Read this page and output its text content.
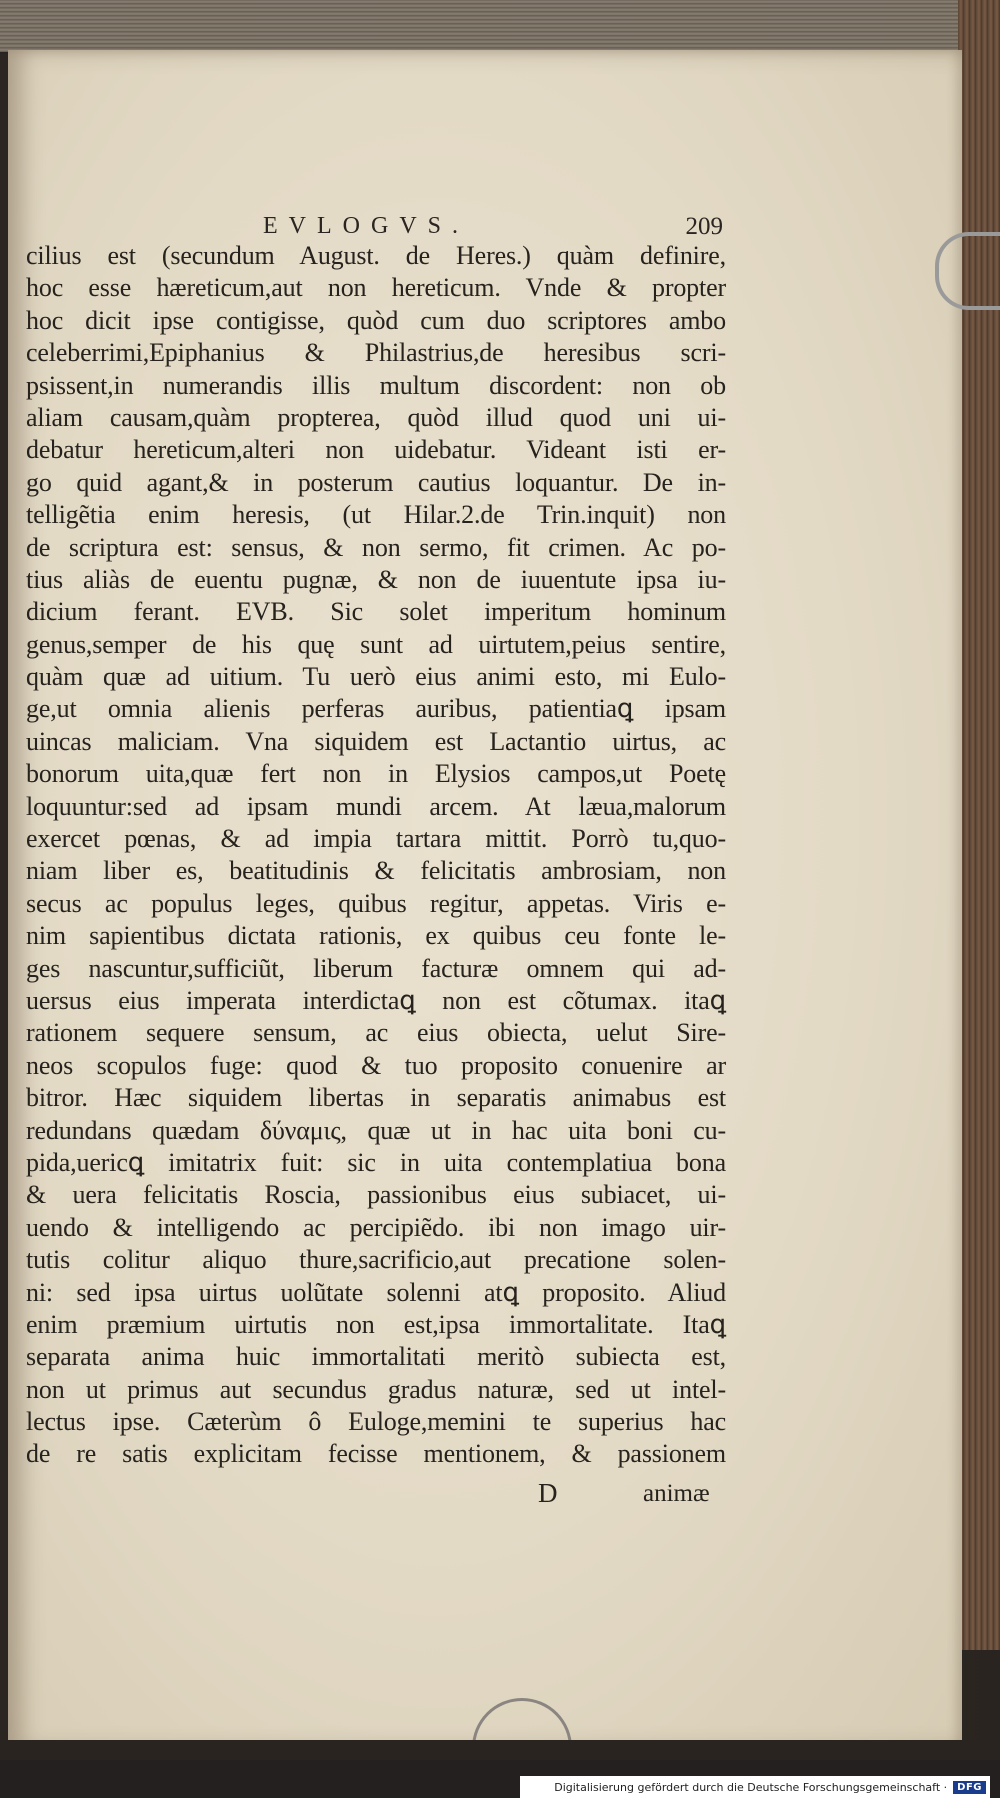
EVLOGVS.	209
cilius est (secundum August. de Heres.) quàm definire,
hoc esse hæreticum,aut non hereticum. Vnde & propter
hoc dicit ipse contigisse, quòd cum duo scriptores ambo
celeberrimi,Epiphanius & Philastrius,de heresibus scri-
psissent,in numerandis illis multum discordent: non ob
aliam causam,quàm propterea, quòd illud quod uni ui-
debatur hereticum,alteri non uidebatur. Videant isti er-
go quid agant,& in posterum cautius loquantur. De in-
telligẽtia enim heresis, (ut Hilar.2.de Trin.inquit) non
de scriptura est: sensus, & non sermo, fit crimen. Ac po-
tius aliàs de euentu pugnæ, & non de iuuentute ipsa iu-
dicium ferant. EVB. Sic solet imperitum hominum
genus,semper de his quę sunt ad uirtutem,peius sentire,
quàm quæ ad uitium. Tu uerò eius animi esto, mi Eulo-
ge,ut omnia alienis perferas auribus, patientiaꝗ ipsam
uincas maliciam. Vna siquidem est Lactantio uirtus, ac
bonorum uita,quæ fert non in Elysios campos,ut Poetę
loquuntur:sed ad ipsam mundi arcem. At læua,malorum
exercet pœnas, & ad impia tartara mittit. Porrò tu,quo-
niam liber es, beatitudinis & felicitatis ambrosiam, non
secus ac populus leges, quibus regitur, appetas. Viris e-
nim sapientibus dictata rationis, ex quibus ceu fonte le-
ges nascuntur,sufficiũt, liberum facturæ omnem qui ad-
uersus eius imperata interdictaꝗ non est cõtumax. itaꝗ
rationem sequere sensum, ac eius obiecta, uelut Sire-
neos scopulos fuge: quod & tuo proposito conuenire ar
bitror. Hæc siquidem libertas in separatis animabus est
redundans quædam δύναμις, quæ ut in hac uita boni cu-
pida,uericꝗ imitatrix fuit: sic in uita contemplatiua bona
& uera felicitatis Roscia, passionibus eius subiacet, ui-
uendo & intelligendo ac percipiẽdo. ibi non imago uir-
tutis colitur aliquo thure,sacrificio,aut precatione solen-
ni: sed ipsa uirtus uolũtate solenni atꝗ proposito. Aliud
enim præmium uirtutis non est,ipsa immortalitate. Itaꝗ
separata anima huic immortalitati meritò subiecta est,
non ut primus aut secundus gradus naturæ, sed ut intel-
lectus ipse. Cæterùm ô Euloge,memini te superius hac
de re satis explicitam fecisse mentionem, & passionem
D	animæ
Digitalisierung gefördert durch die Deutsche Forschungsgemeinschaft ·	DFG
